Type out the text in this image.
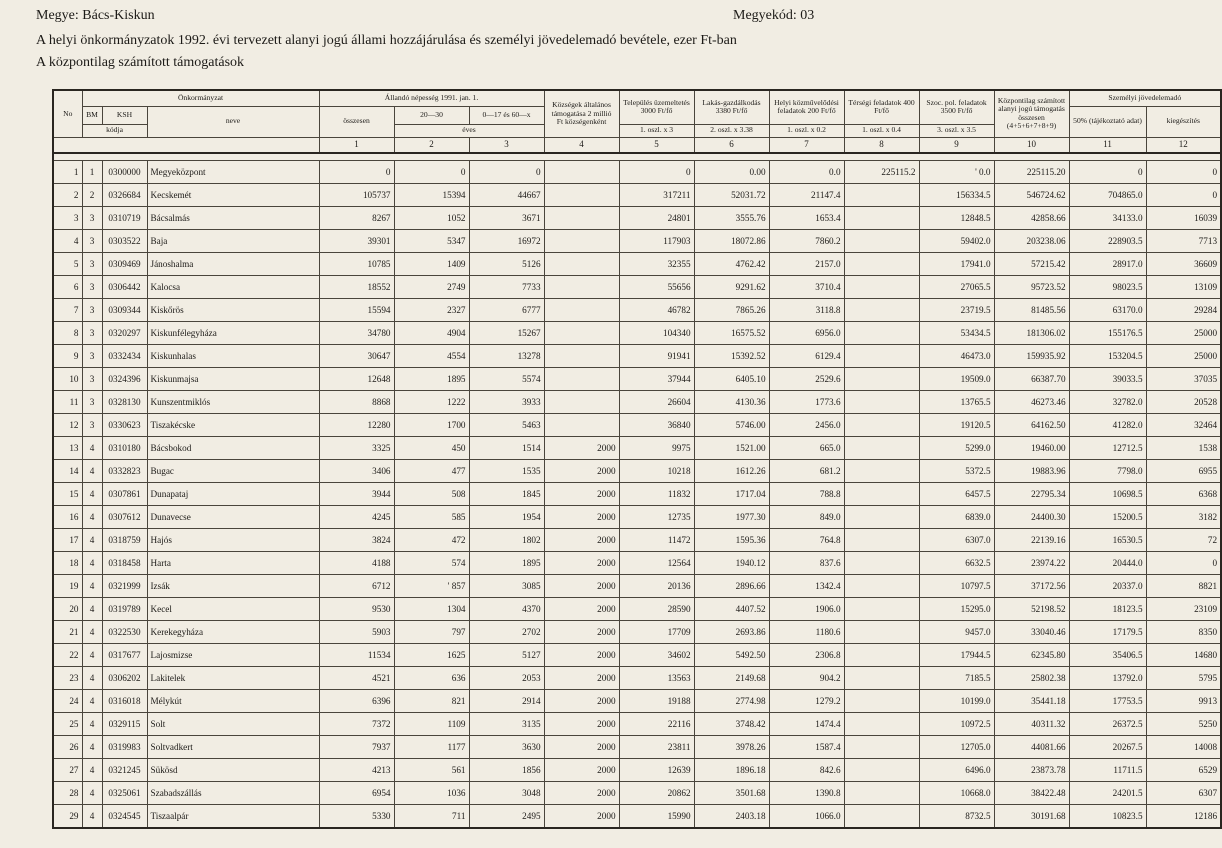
Megye: Bács-Kiskun	Megyekód: 03
A helyi önkormányzatok 1992. évi tervezett alanyi jogú állami hozzájárulása és személyi jövedelemadó bevétele, ezer Ft-ban
A központilag számított támogatások
No	Önkormányzat			Állandó népesség 1991. jan. 1.			Községek általános támogatása 2 millió Ft községenként	Település üzemeltetés 3000 Ft/fő	Lakás-gazdálkodás 3380 Ft/fő	Helyi közművelődési feladatok 200 Ft/fő	Térségi feladatok 400 Ft/fő	Szoc. pol. feladatok 3500 Ft/fő	Központilag számított alanyi jogú támogatás összesen (4+5+6+7+8+9)	Személyi jövedelemadó	
	BM	KSH	neve	összesen	20—30	0—17 és 60—x								50% (tájékoztató adat)	kiegészítés

	kódja				éves			1. oszl. x 3	2. oszl. x 3.38	1. oszl. x 0.2	1. oszl. x 0.4	3. oszl. x 3.5			
				1	2	3	4	5	6	7	8	9	10	11	12

1	1	0300000	Megyeközpont	0	0	0		0	0.00	0.0	225115.2	' 0.0	225115.20	0	0
2	2	0326684	Kecskemét	105737	15394	44667		317211	52031.72	21147.4		156334.5	546724.62	704865.0	0
3	3	0310719	Bácsalmás	8267	1052	3671		24801	3555.76	1653.4		12848.5	42858.66	34133.0	16039
4	3	0303522	Baja	39301	5347	16972		117903	18072.86	7860.2		59402.0	203238.06	228903.5	7713
5	3	0309469	Jánoshalma	10785	1409	5126		32355	4762.42	2157.0		17941.0	57215.42	28917.0	36609
6	3	0306442	Kalocsa	18552	2749	7733		55656	9291.62	3710.4		27065.5	95723.52	98023.5	13109
7	3	0309344	Kiskőrös	15594	2327	6777		46782	7865.26	3118.8		23719.5	81485.56	63170.0	29284
8	3	0320297	Kiskunfélegyháza	34780	4904	15267		104340	16575.52	6956.0		53434.5	181306.02	155176.5	25000
9	3	0332434	Kiskunhalas	30647	4554	13278		91941	15392.52	6129.4		46473.0	159935.92	153204.5	25000
10	3	0324396	Kiskunmajsa	12648	1895	5574		37944	6405.10	2529.6		19509.0	66387.70	39033.5	37035
11	3	0328130	Kunszentmiklós	8868	1222	3933		26604	4130.36	1773.6		13765.5	46273.46	32782.0	20528
12	3	0330623	Tiszakécske	12280	1700	5463		36840	5746.00	2456.0		19120.5	64162.50	41282.0	32464
13	4	0310180	Bácsbokod	3325	450	1514	2000	9975	1521.00	665.0		5299.0	19460.00	12712.5	1538
14	4	0332823	Bugac	3406	477	1535	2000	10218	1612.26	681.2		5372.5	19883.96	7798.0	6955
15	4	0307861	Dunapataj	3944	508	1845	2000	11832	1717.04	788.8		6457.5	22795.34	10698.5	6368
16	4	0307612	Dunavecse	4245	585	1954	2000	12735	1977.30	849.0		6839.0	24400.30	15200.5	3182
17	4	0318759	Hajós	3824	472	1802	2000	11472	1595.36	764.8		6307.0	22139.16	16530.5	72
18	4	0318458	Harta	4188	574	1895	2000	12564	1940.12	837.6		6632.5	23974.22	20444.0	0
19	4	0321999	Izsák	6712	' 857	3085	2000	20136	2896.66	1342.4		10797.5	37172.56	20337.0	8821
20	4	0319789	Kecel	9530	1304	4370	2000	28590	4407.52	1906.0		15295.0	52198.52	18123.5	23109
21	4	0322530	Kerekegyháza	5903	797	2702	2000	17709	2693.86	1180.6		9457.0	33040.46	17179.5	8350
22	4	0317677	Lajosmizse	11534	1625	5127	2000	34602	5492.50	2306.8		17944.5	62345.80	35406.5	14680
23	4	0306202	Lakitelek	4521	636	2053	2000	13563	2149.68	904.2		7185.5	25802.38	13792.0	5795
24	4	0316018	Mélykút	6396	821	2914	2000	19188	2774.98	1279.2		10199.0	35441.18	17753.5	9913
25	4	0329115	Solt	7372	1109	3135	2000	22116	3748.42	1474.4		10972.5	40311.32	26372.5	5250
26	4	0319983	Soltvadkert	7937	1177	3630	2000	23811	3978.26	1587.4		12705.0	44081.66	20267.5	14008
27	4	0321245	Sükösd	4213	561	1856	2000	12639	1896.18	842.6		6496.0	23873.78	11711.5	6529
28	4	0325061	Szabadszállás	6954	1036	3048	2000	20862	3501.68	1390.8		10668.0	38422.48	24201.5	6307
29	4	0324545	Tiszaalpár	5330	711	2495	2000	15990	2403.18	1066.0		8732.5	30191.68	10823.5	12186
